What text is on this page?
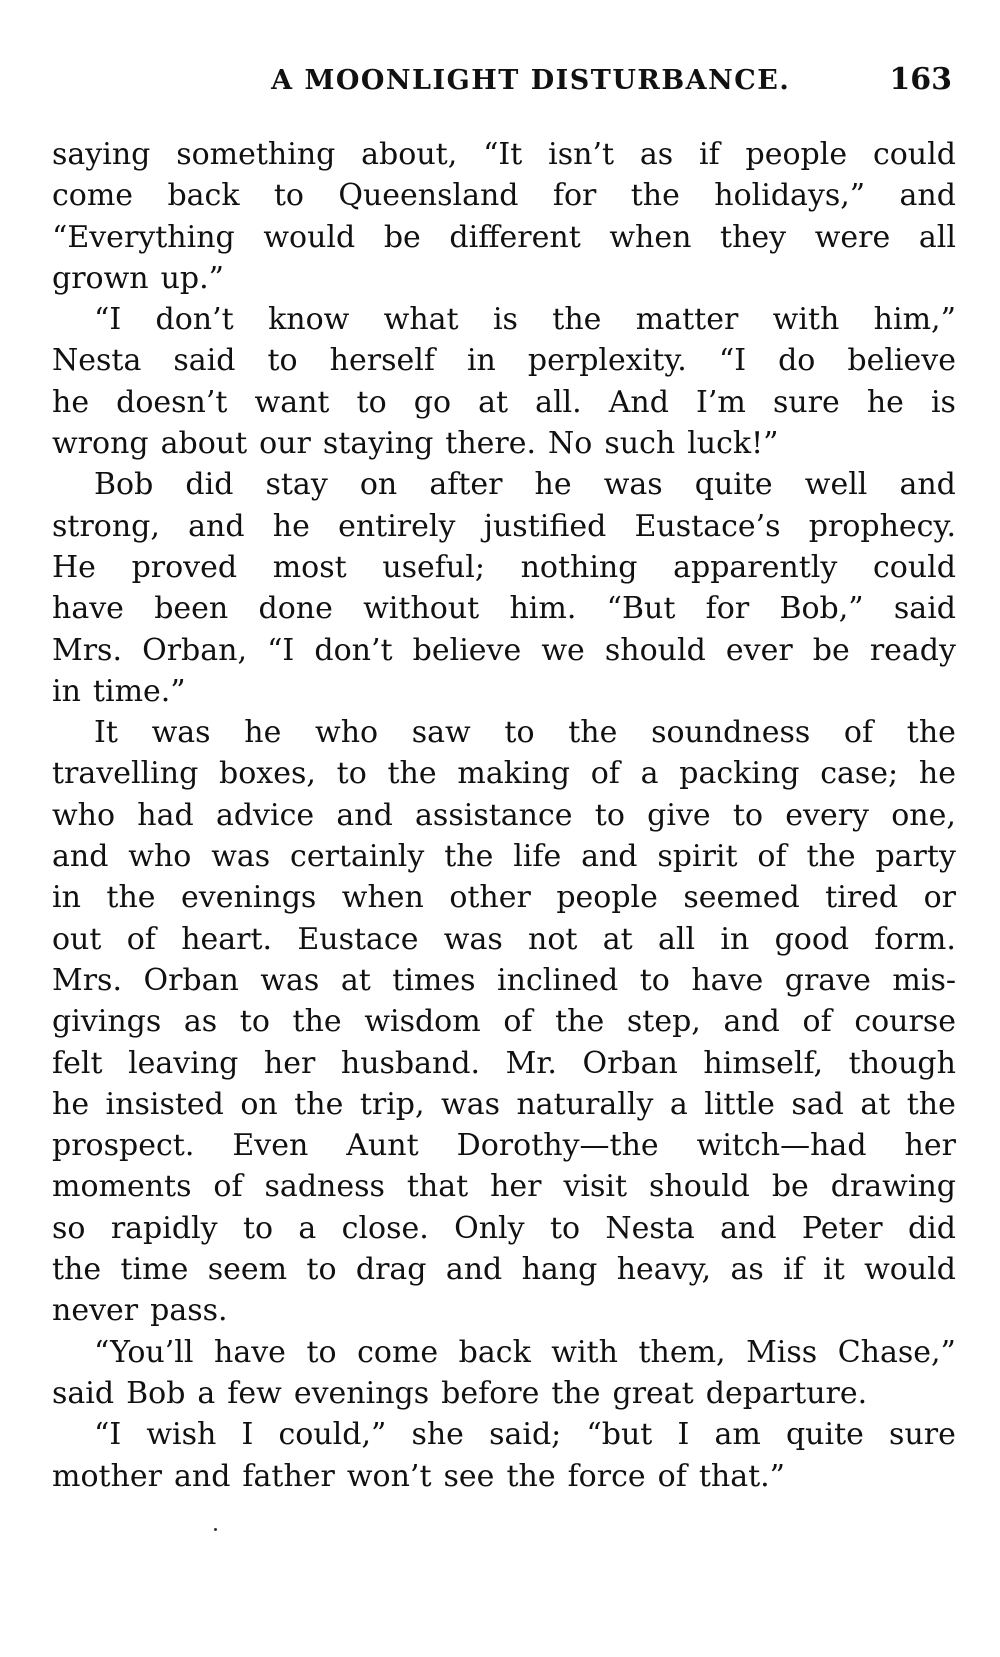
A MOONLIGHT DISTURBANCE.	163
saying something about, “It isn’t as if people could
come back to Queensland for the holidays,” and
“Everything would be different when they were all
grown up.”
“I don’t know what is the matter with him,”
Nesta said to herself in perplexity. “I do believe
he doesn’t want to go at all. And I’m sure he is
wrong about our staying there. No such luck!”
Bob did stay on after he was quite well and
strong, and he entirely justified Eustace’s prophecy.
He proved most useful; nothing apparently could
have been done without him. “But for Bob,” said
Mrs. Orban, “I don’t believe we should ever be ready
in time.”
It was he who saw to the soundness of the
travelling boxes, to the making of a packing case; he
who had advice and assistance to give to every one,
and who was certainly the life and spirit of the party
in the evenings when other people seemed tired or
out of heart. Eustace was not at all in good form.
Mrs. Orban was at times inclined to have grave mis-
givings as to the wisdom of the step, and of course
felt leaving her husband. Mr. Orban himself, though
he insisted on the trip, was naturally a little sad at the
prospect. Even Aunt Dorothy—the witch—had her
moments of sadness that her visit should be drawing
so rapidly to a close. Only to Nesta and Peter did
the time seem to drag and hang heavy, as if it would
never pass.
“You’ll have to come back with them, Miss Chase,”
said Bob a few evenings before the great departure.
“I wish I could,” she said; “but I am quite sure
mother and father won’t see the force of that.”
